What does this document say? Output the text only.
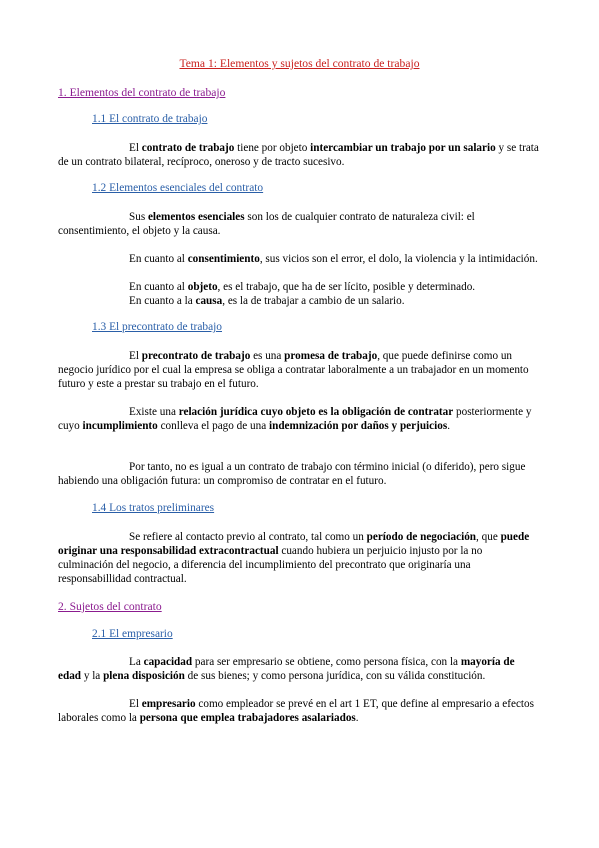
Tema 1: Elementos y sujetos del contrato de trabajo
1. Elementos del contrato de trabajo
1.1 El contrato de trabajo
El contrato de trabajo tiene por objeto intercambiar un trabajo por un salario y se trata de un contrato bilateral, recíproco, oneroso y de tracto sucesivo.
1.2 Elementos esenciales del contrato
Sus elementos esenciales son los de cualquier contrato de naturaleza civil: el consentimiento, el objeto y la causa.
En cuanto al consentimiento, sus vicios son el error, el dolo, la violencia y la intimidación.
En cuanto al objeto, es el trabajo, que ha de ser lícito, posible y determinado.
En cuanto a la causa, es la de trabajar a cambio de un salario.
1.3 El precontrato de trabajo
El precontrato de trabajo es una promesa de trabajo, que puede definirse como un negocio jurídico por el cual la empresa se obliga a contratar laboralmente a un trabajador en un momento futuro y este a prestar su trabajo en el futuro.
Existe una relación jurídica cuyo objeto es la obligación de contratar posteriormente y cuyo incumplimiento conlleva el pago de una indemnización por daños y perjuicios.
Por tanto, no es igual a un contrato de trabajo con término inicial (o diferido), pero sigue habiendo una obligación futura: un compromiso de contratar en el futuro.
1.4 Los tratos preliminares
Se refiere al contacto previo al contrato, tal como un período de negociación, que puede originar una responsabilidad extracontractual cuando hubiera un perjuicio injusto por la no culminación del negocio, a diferencia del incumplimiento del precontrato que originaría una responsabillidad contractual.
2. Sujetos del contrato
2.1 El empresario
La capacidad para ser empresario se obtiene, como persona física, con la mayoría de edad y la plena disposición de sus bienes; y como persona jurídica, con su válida constitución.
El empresario como empleador se prevé en el art 1 ET, que define al empresario a efectos laborales como la persona que emplea trabajadores asalariados.
